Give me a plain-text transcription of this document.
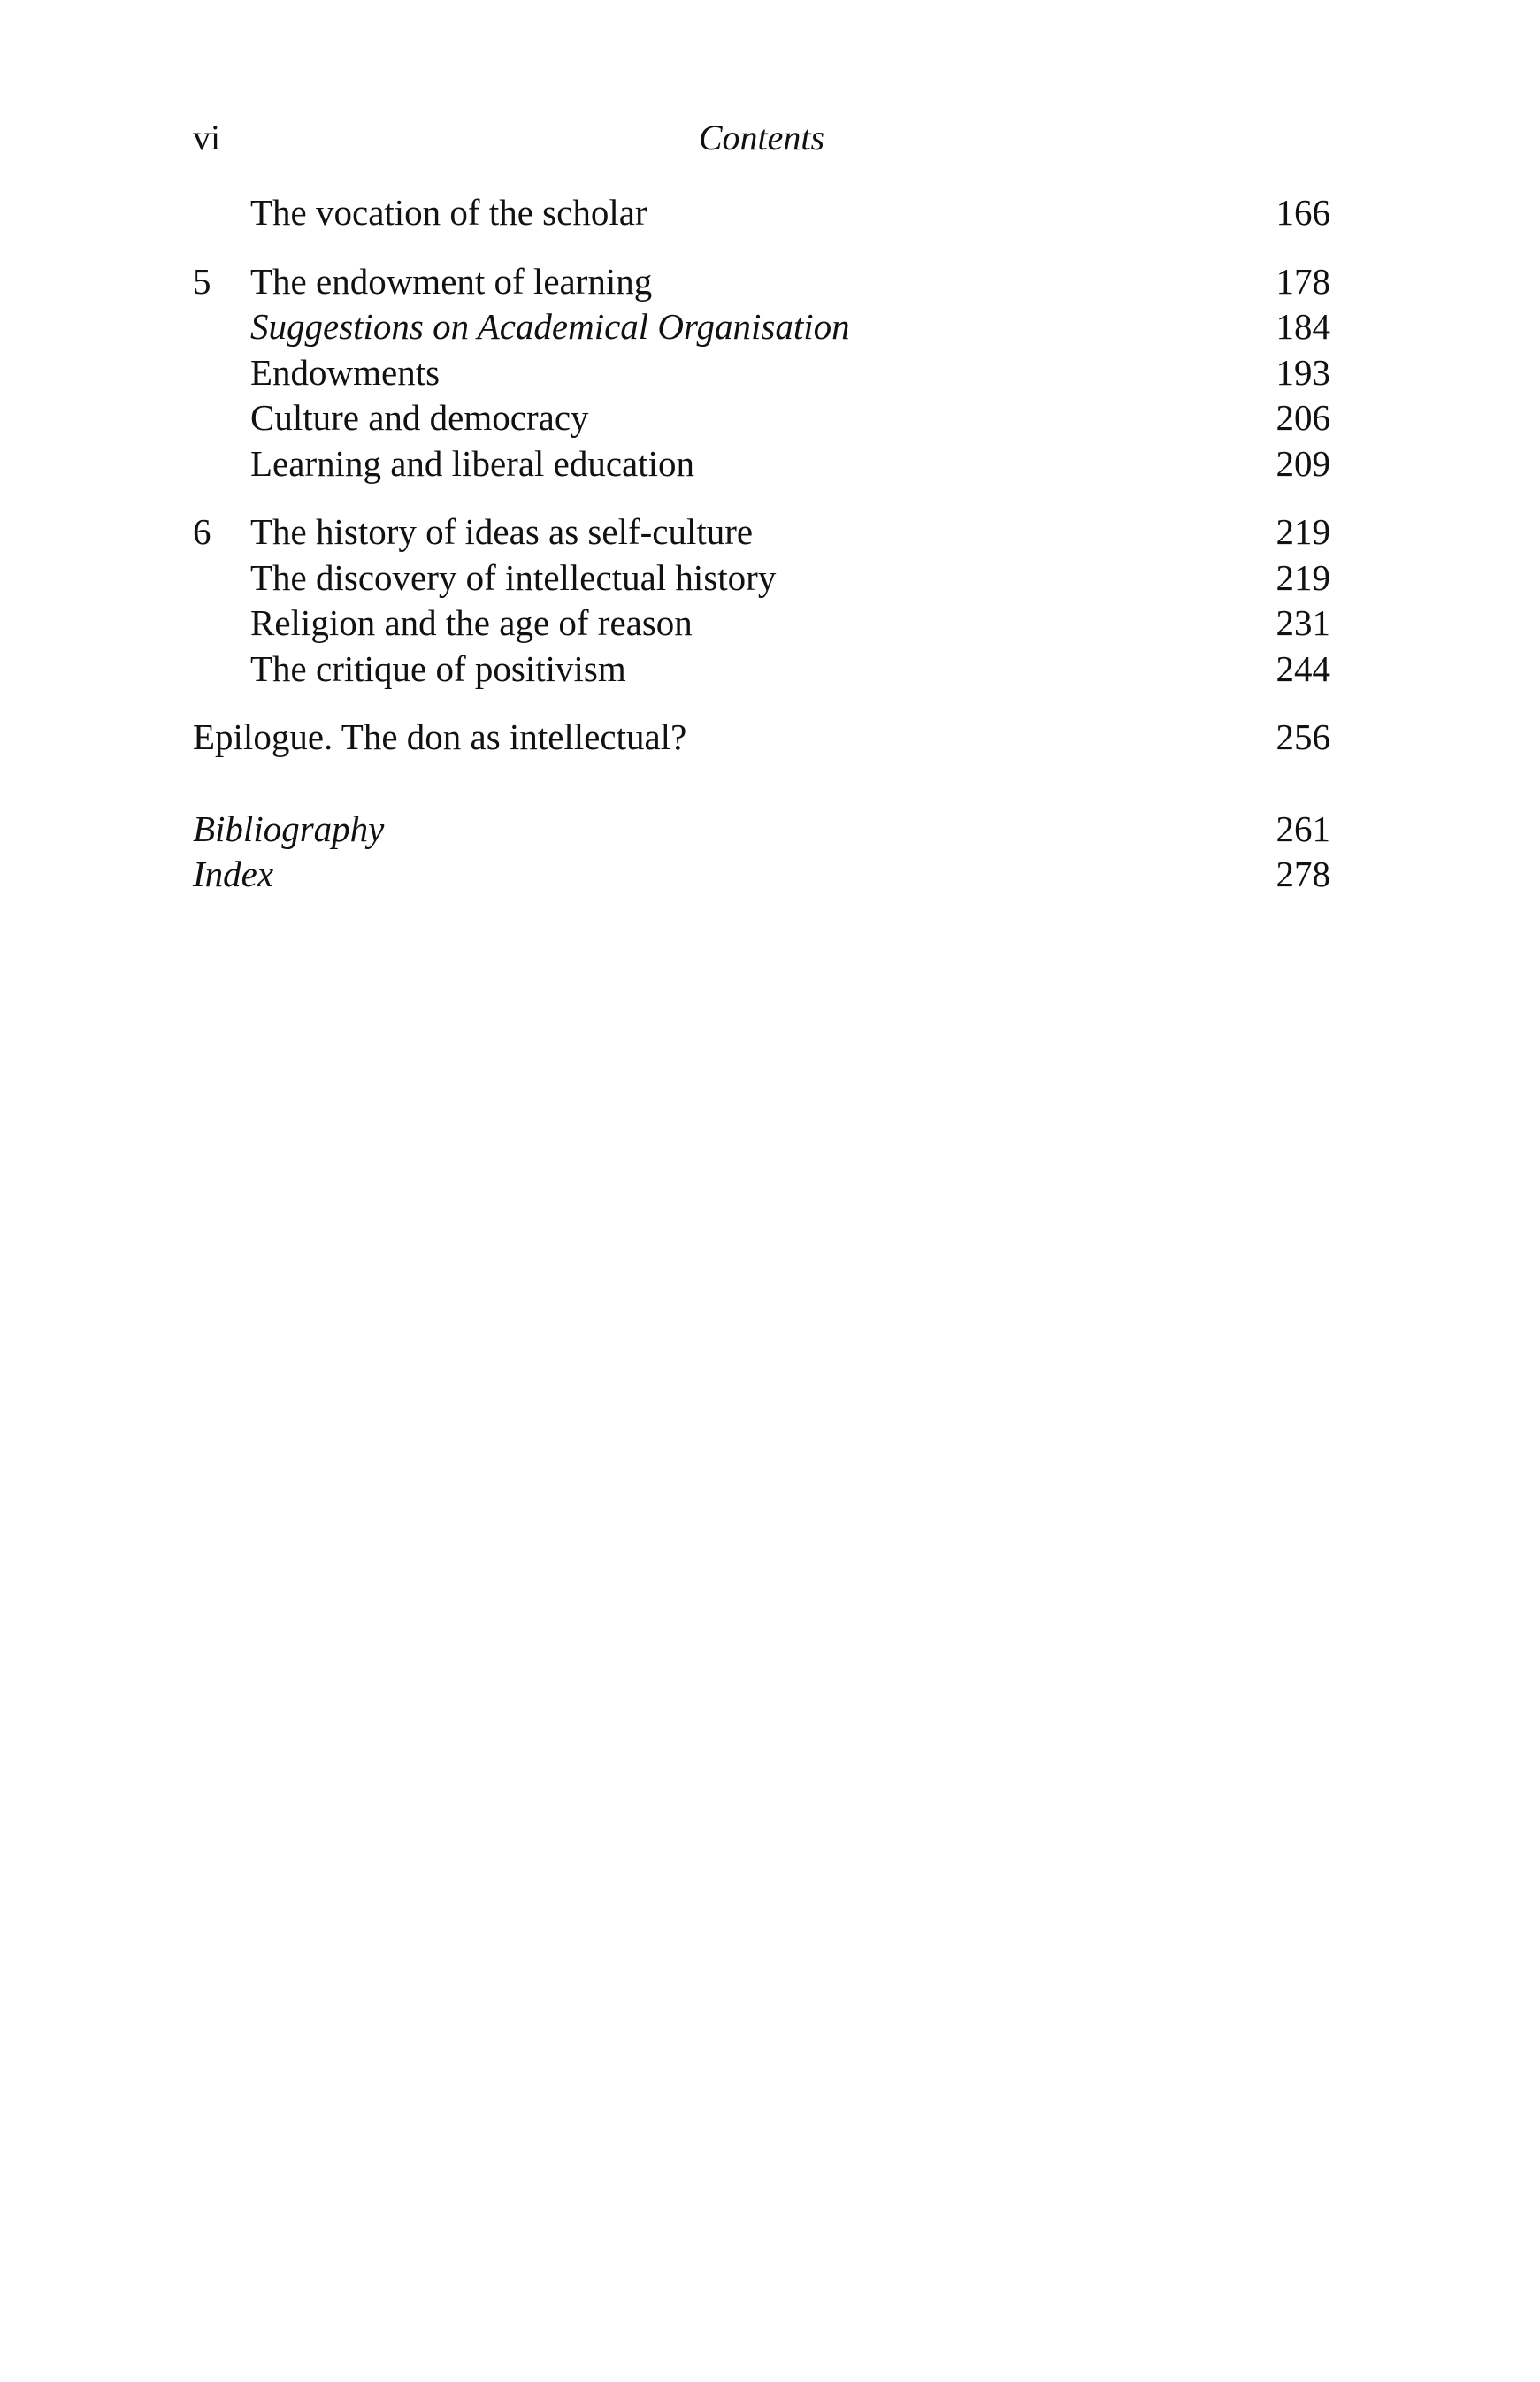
vi	Contents
The vocation of the scholar	166
5 The endowment of learning	178
Suggestions on Academical Organisation	184
Endowments	193
Culture and democracy	206
Learning and liberal education	209
6 The history of ideas as self-culture	219
The discovery of intellectual history	219
Religion and the age of reason	231
The critique of positivism	244
Epilogue. The don as intellectual?	256
Bibliography	261
Index	278
